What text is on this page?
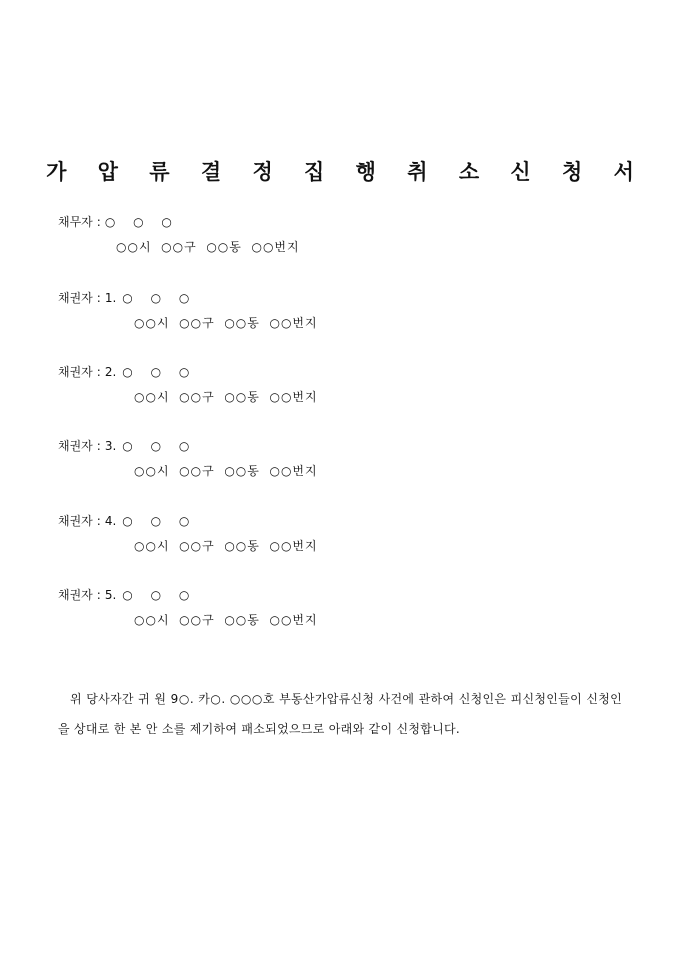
가 압 류 결 정 집 행 취 소 신 청 서
채무자 : ○ ○ ○
○○시  ○○구  ○○동  ○○번지
채권자 : 1. ○ ○ ○
○○시  ○○구  ○○동  ○○번지
채권자 : 2. ○ ○ ○
○○시  ○○구  ○○동  ○○번지
채권자 : 3. ○ ○ ○
○○시  ○○구  ○○동  ○○번지
채권자 : 4. ○ ○ ○
○○시  ○○구  ○○동  ○○번지
채권자 : 5. ○ ○ ○
○○시  ○○구  ○○동  ○○번지
위 당사자간 귀 원 9○. 카○. ○○○호 부동산가압류신청 사건에 관하여 신청인은 피신청인들이 신청인을 상대로 한 본 안 소를 제기하여 패소되었으므로 아래와 같이 신청합니다.
